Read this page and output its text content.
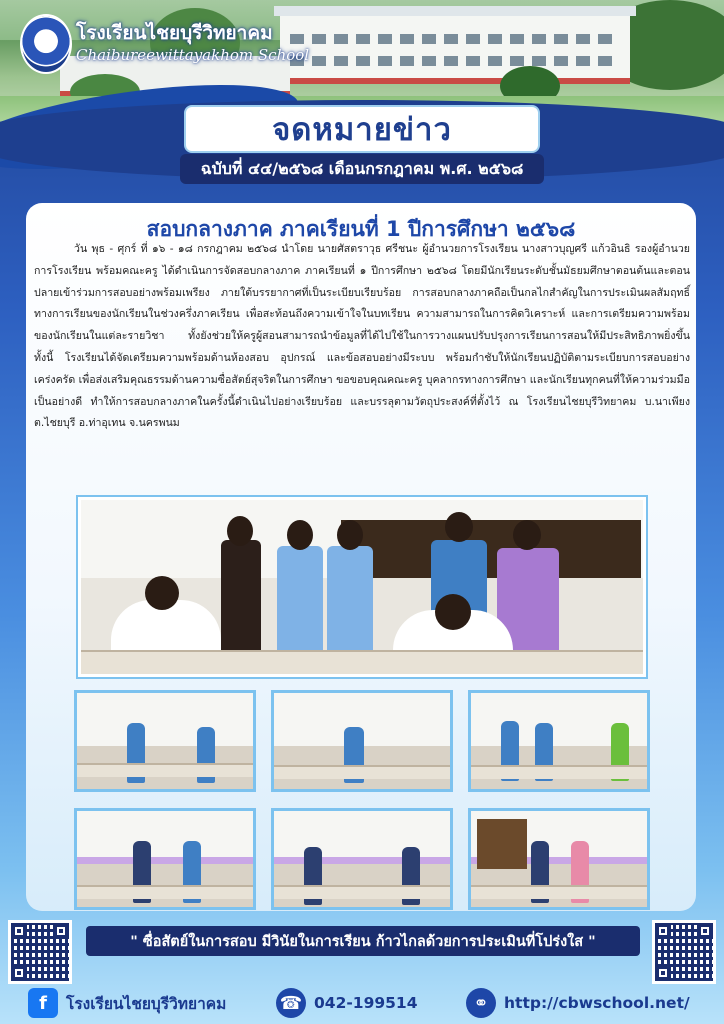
โรงเรียนไชยบุรีวิทยาคม
Chaibureewittayakhom School
จดหมายข่าว
ฉบับที่ ๔๔/๒๕๖๘ เดือนกรกฎาคม พ.ศ. ๒๕๖๘
สอบกลางภาค ภาคเรียนที่ 1 ปีการศึกษา ๒๕๖๘

วัน พุธ - ศุกร์ ที่ ๑๖ - ๑๘ กรกฎาคม ๒๕๖๘ นำโดย นายศัสตราวุธ ศรีชนะ ผู้อำนวยการโรงเรียน นางสาวบุญศรี แก้วอินธิ รองผู้อำนวยการโรงเรียน พร้อมคณะครู ได้ดำเนินการจัดสอบกลางภาค ภาคเรียนที่ ๑ ปีการศึกษา ๒๕๖๘ โดยมีนักเรียนระดับชั้นมัธยมศึกษาตอนต้นและตอนปลายเข้าร่วมการสอบอย่างพร้อมเพรียง ภายใต้บรรยากาศที่เป็นระเบียบเรียบร้อย การสอบกลางภาคถือเป็นกลไกสำคัญในการประเมินผลสัมฤทธิ์ทางการเรียนของนักเรียนในช่วงครึ่งภาคเรียน เพื่อสะท้อนถึงความเข้าใจในบทเรียน ความสามารถในการคิดวิเคราะห์ และการเตรียมความพร้อมของนักเรียนในแต่ละรายวิชา ทั้งยังช่วยให้ครูผู้สอนสามารถนำข้อมูลที่ได้ไปใช้ในการวางแผนปรับปรุงการเรียนการสอนให้มีประสิทธิภาพยิ่งขึ้น ทั้งนี้ โรงเรียนได้จัดเตรียมความพร้อมด้านห้องสอบ อุปกรณ์ และข้อสอบอย่างมีระบบ พร้อมกำชับให้นักเรียนปฏิบัติตามระเบียบการสอบอย่างเคร่งครัด เพื่อส่งเสริมคุณธรรมด้านความซื่อสัตย์สุจริตในการศึกษา ขอขอบคุณคณะครู บุคลากรทางการศึกษา และนักเรียนทุกคนที่ให้ความร่วมมือเป็นอย่างดี ทำให้การสอบกลางภาคในครั้งนี้ดำเนินไปอย่างเรียบร้อย และบรรลุตามวัตถุประสงค์ที่ตั้งไว้ ณ โรงเรียนไชยบุรีวิทยาคม บ.นาเพียง ต.ไชยบุรี อ.ท่าอุเทน จ.นครพนม

" ซื่อสัตย์ในการสอบ มีวินัยในการเรียน ก้าวไกลด้วยการประเมินที่โปร่งใส "
f	โรงเรียนไชยบุรีวิทยาคม	☎ 042-199514	⚭ http://cbwschool.net/
